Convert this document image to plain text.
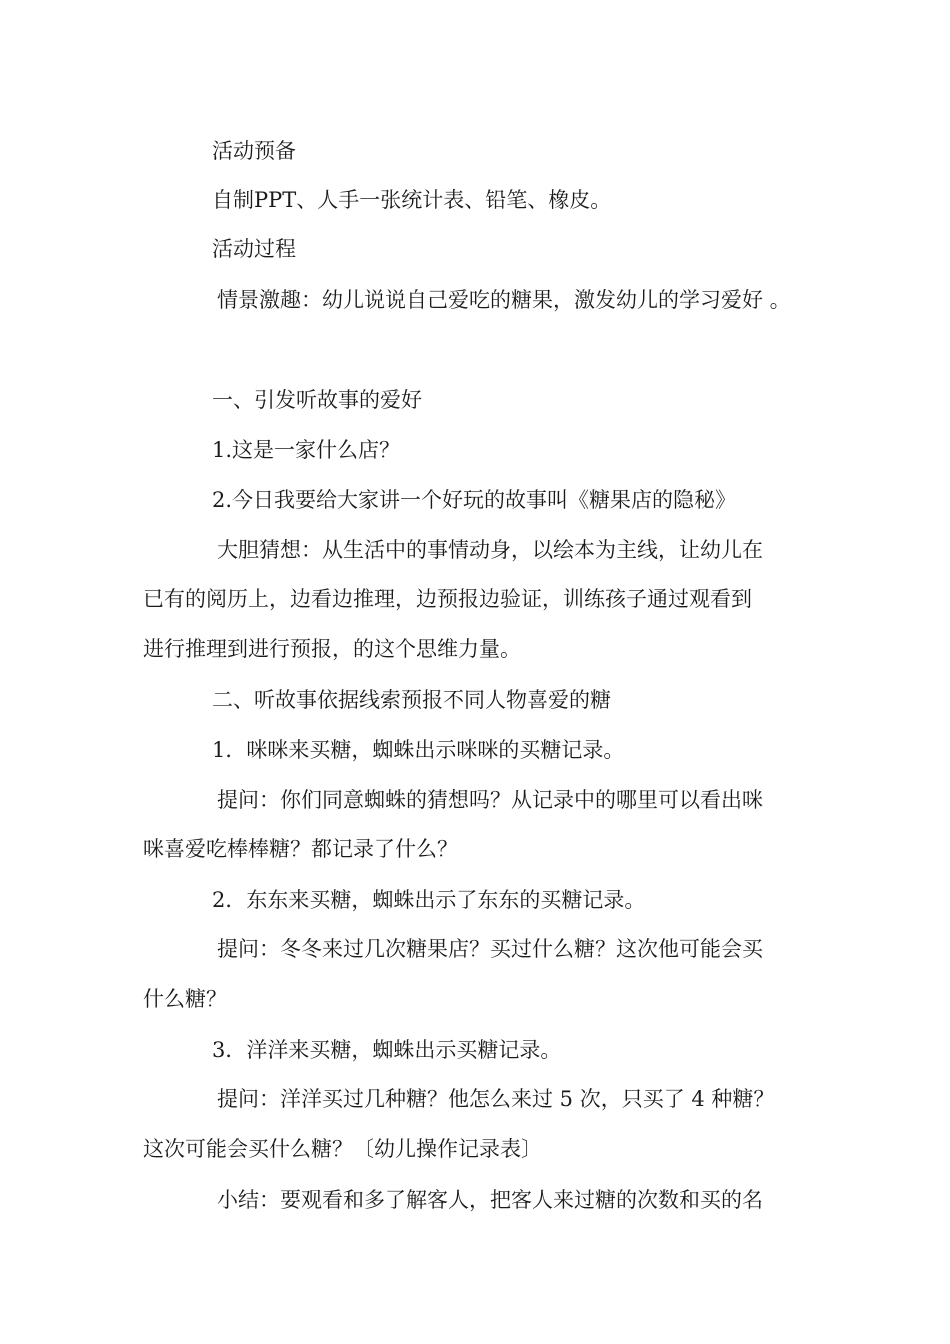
活动预备
自制PPT、人手一张统计表、铅笔、橡皮。
活动过程
情景激趣：幼儿说说自己爱吃的糖果，激发幼儿的学习爱好 。
一、引发听故事的爱好
1.这是一家什么店？
2.今日我要给大家讲一个好玩的故事叫《糖果店的隐秘》
大胆猜想：从生活中的事情动身，以绘本为主线，让幼儿在
已有的阅历上，边看边推理，边预报边验证，训练孩子通过观看到
进行推理到进行预报，的这个思维力量。
二、听故事依据线索预报不同人物喜爱的糖
1．咪咪来买糖，蜘蛛出示咪咪的买糖记录。
提问：你们同意蜘蛛的猜想吗？从记录中的哪里可以看出咪
咪喜爱吃棒棒糖？都记录了什么？
2．东东来买糖，蜘蛛出示了东东的买糖记录。
提问：冬冬来过几次糖果店？买过什么糖？这次他可能会买
什么糖？
3．洋洋来买糖，蜘蛛出示买糖记录。
提问：洋洋买过几种糖？他怎么来过 5 次，只买了 4 种糖？
这次可能会买什么糖？〔幼儿操作记录表〕
小结：要观看和多了解客人，把客人来过糖的次数和买的名
